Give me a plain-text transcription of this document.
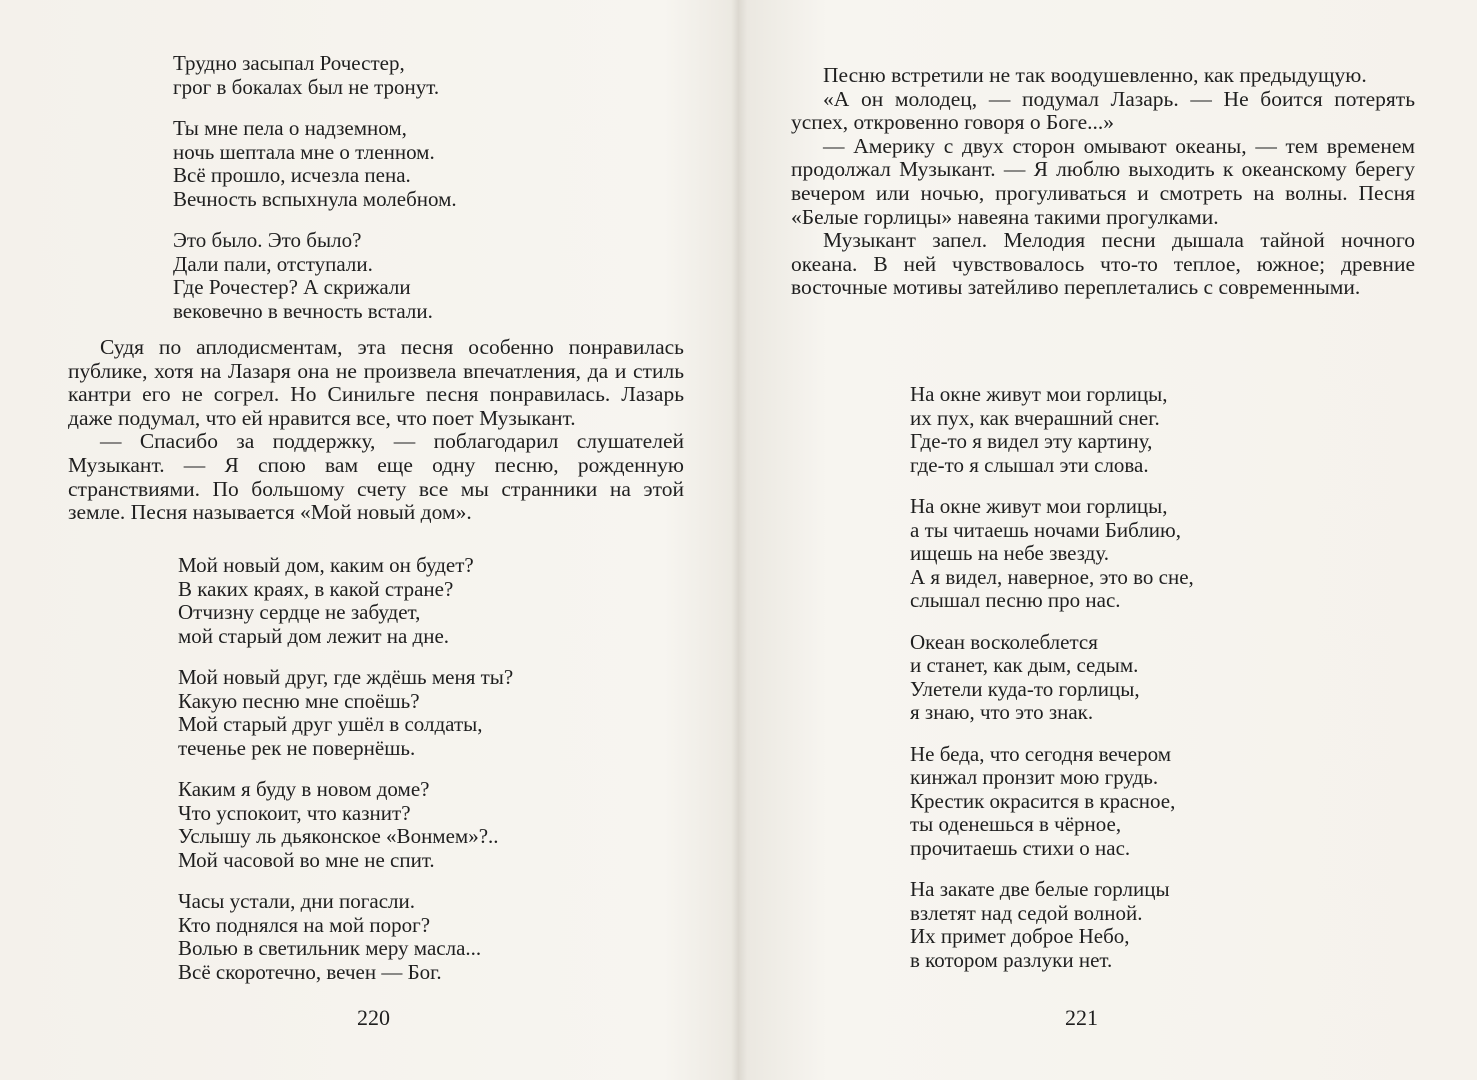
Трудно засыпал Рочестер,
грог в бокалах был не тронут.
Ты мне пела о надземном,
ночь шептала мне о тленном.
Всё прошло, исчезла пена.
Вечность вспыхнула молебном.
Это было. Это было?
Дали пали, отступали.
Где Рочестер? А скрижали
вековечно в вечность встали.

Судя по аплодисментам, эта песня особенно понравилась публике, хотя на Лазаря она не произвела впечатления, да и стиль кантри его не согрел. Но Синильге песня понравилась. Лазарь даже подумал, что ей нравится все, что поет Музыкант.

— Спасибо за поддержку, — поблагодарил слушателей Музыкант. — Я спою вам еще одну песню, рожденную странствиями. По большому счету все мы странники на этой земле. Песня называется «Мой новый дом».

Мой новый дом, каким он будет?
В каких краях, в какой стране?
Отчизну сердце не забудет,
мой старый дом лежит на дне.
Мой новый друг, где ждёшь меня ты?
Какую песню мне споёшь?
Мой старый друг ушёл в солдаты,
теченье рек не повернёшь.
Каким я буду в новом доме?
Что успокоит, что казнит?
Услышу ль дьяконское «Вонмем»?..
Мой часовой во мне не спит.
Часы устали, дни погасли.
Кто поднялся на мой порог?
Волью в светильник меру масла...
Всё скоротечно, вечен — Бог.
220

Песню встретили не так воодушевленно, как предыдущую.

«А он молодец, — подумал Лазарь. — Не боится потерять успех, откровенно говоря о Боге...»

— Америку с двух сторон омывают океаны, — тем временем продолжал Музыкант. — Я люблю выходить к океанскому берегу вечером или ночью, прогуливаться и смотреть на волны. Песня «Белые горлицы» навеяна такими прогулками.

Музыкант запел. Мелодия песни дышала тайной ночного океана. В ней чувствовалось что-то теплое, южное; древние восточные мотивы затейливо переплетались с современными.

На окне живут мои горлицы,
их пух, как вчерашний снег.
Где-то я видел эту картину,
где-то я слышал эти слова.
На окне живут мои горлицы,
а ты читаешь ночами Библию,
ищешь на небе звезду.
А я видел, наверное, это во сне,
слышал песню про нас.
Океан восколеблется
и станет, как дым, седым.
Улетели куда-то горлицы,
я знаю, что это знак.
Не беда, что сегодня вечером
кинжал пронзит мою грудь.
Крестик окрасится в красное,
ты оденешься в чёрное,
прочитаешь стихи о нас.
На закате две белые горлицы
взлетят над седой волной.
Их примет доброе Небо,
в котором разлуки нет.
221
